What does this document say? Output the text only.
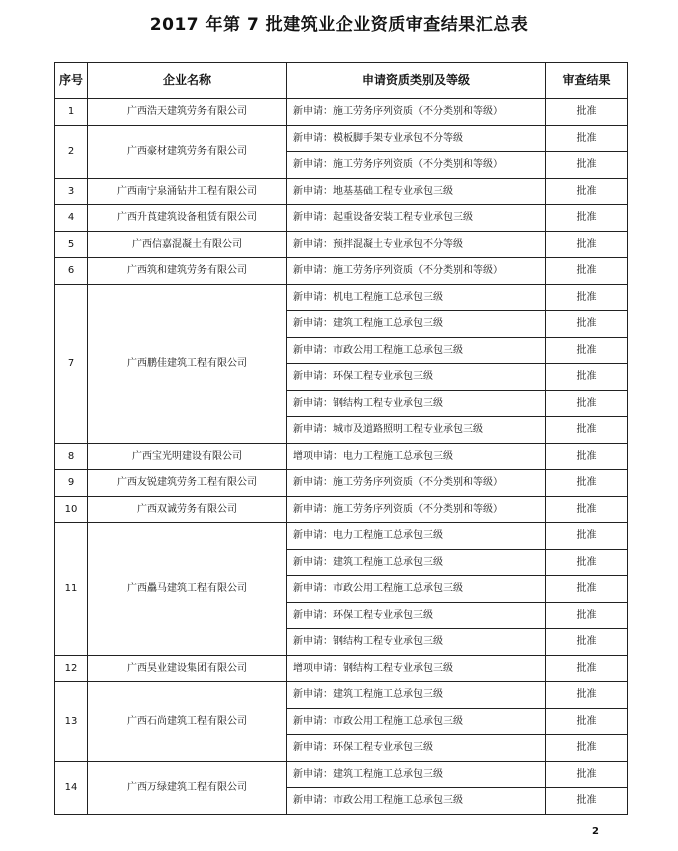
2017 年第 7 批建筑业企业资质审查结果汇总表
序号	企业名称	申请资质类别及等级	审查结果
1	广西浩天建筑劳务有限公司	新申请：施工劳务序列资质（不分类别和等级）	批准
2	广西豪材建筑劳务有限公司	新申请：模板脚手架专业承包不分等级	批准
		新申请：施工劳务序列资质（不分类别和等级）	批准
3	广西南宁泉涌钻井工程有限公司	新申请：地基基础工程专业承包三级	批准
4	广西升莨建筑设备租赁有限公司	新申请：起重设备安装工程专业承包三级	批准
5	广西信嘉混凝土有限公司	新申请：预拌混凝土专业承包不分等级	批准
6	广西筑和建筑劳务有限公司	新申请：施工劳务序列资质（不分类别和等级）	批准
7	广西鹏佳建筑工程有限公司	新申请：机电工程施工总承包三级	批准
		新申请：建筑工程施工总承包三级	批准
		新申请：市政公用工程施工总承包三级	批准
		新申请：环保工程专业承包三级	批准
		新申请：钢结构工程专业承包三级	批准
		新申请：城市及道路照明工程专业承包三级	批准
8	广西宝光明建设有限公司	增项申请：电力工程施工总承包三级	批准
9	广西友锐建筑劳务工程有限公司	新申请：施工劳务序列资质（不分类别和等级）	批准
10	广西双诚劳务有限公司	新申请：施工劳务序列资质（不分类别和等级）	批准
11	广西驫马建筑工程有限公司	新申请：电力工程施工总承包三级	批准
		新申请：建筑工程施工总承包三级	批准
		新申请：市政公用工程施工总承包三级	批准
		新申请：环保工程专业承包三级	批准
		新申请：钢结构工程专业承包三级	批准
12	广西昊业建设集团有限公司	增项申请：钢结构工程专业承包三级	批准
13	广西石尚建筑工程有限公司	新申请：建筑工程施工总承包三级	批准
		新申请：市政公用工程施工总承包三级	批准
		新申请：环保工程专业承包三级	批准
14	广西万绿建筑工程有限公司	新申请：建筑工程施工总承包三级	批准
		新申请：市政公用工程施工总承包三级	批准
2
